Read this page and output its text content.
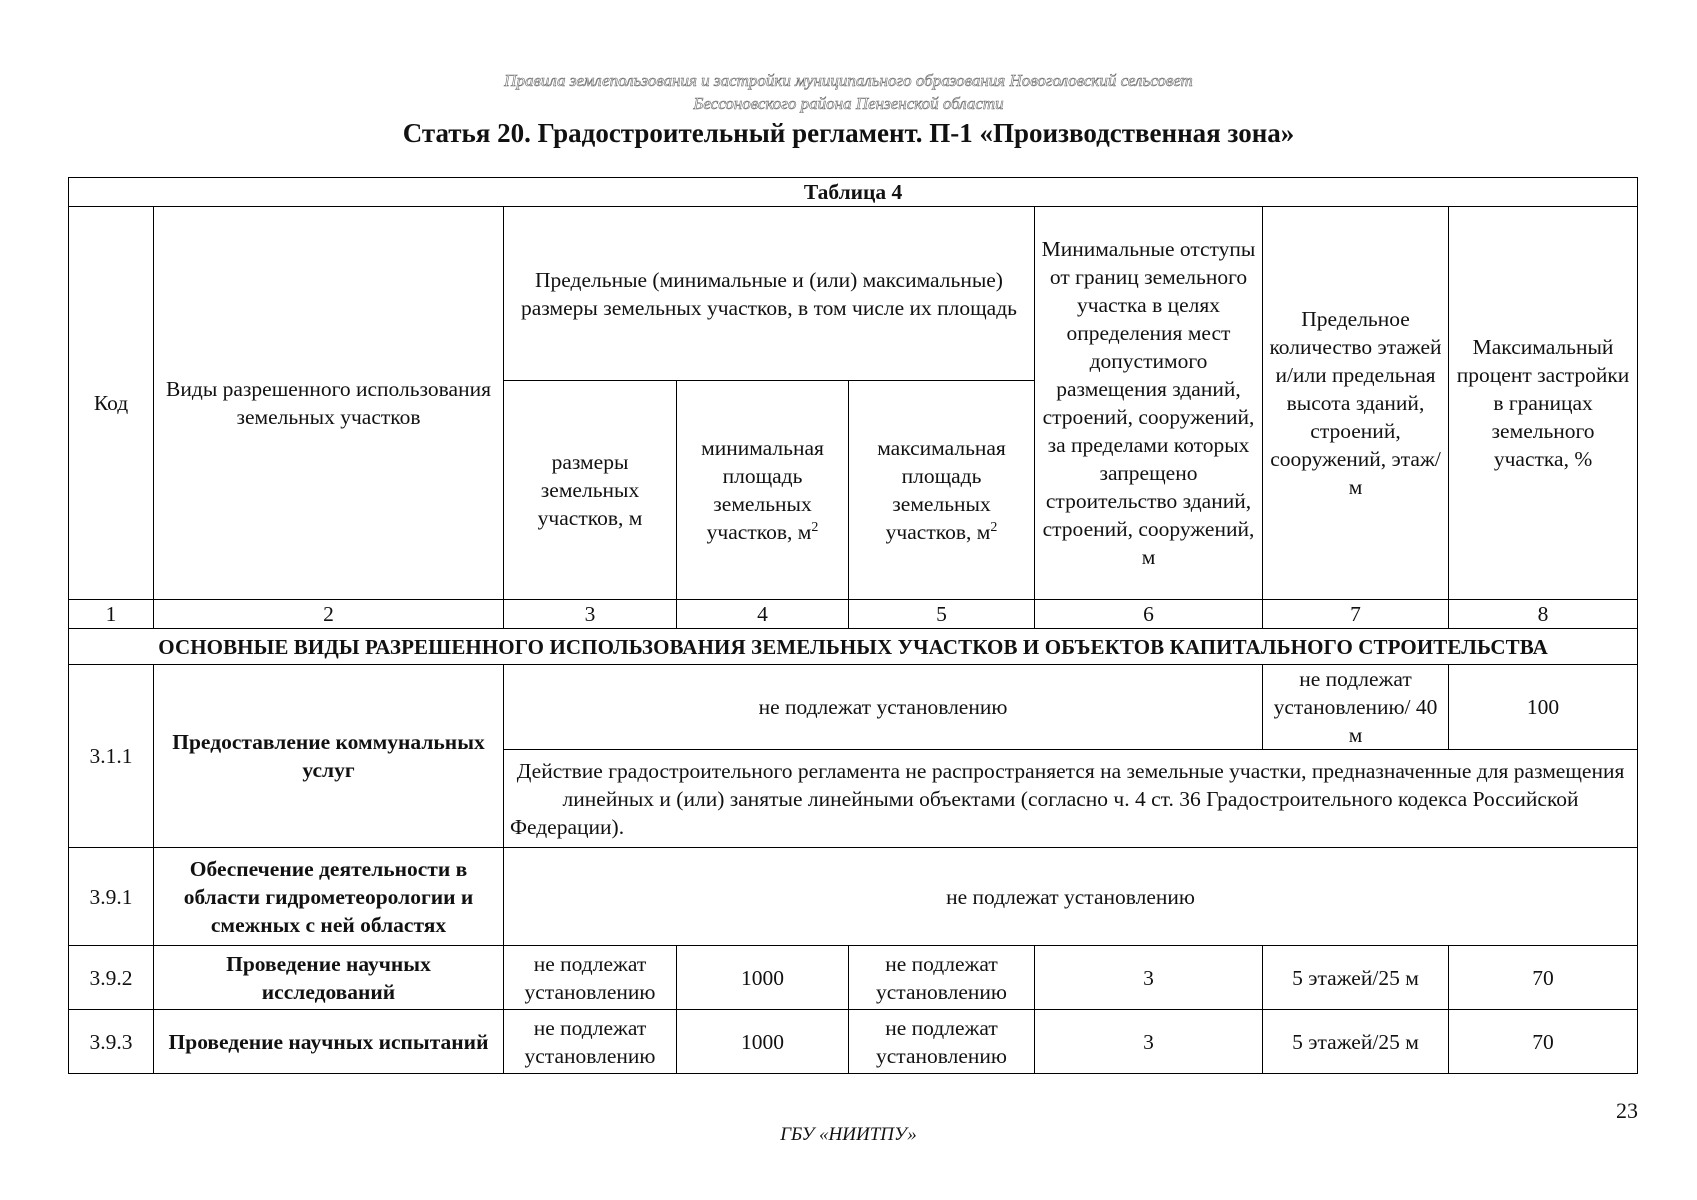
Правила землепользования и застройки муниципального образования Новоголовский сельсовет
Бессоновского района Пензенской области
Статья 20. Градостроительный регламент. П-1 «Производственная зона»
Таблица 4							
Код	Виды разрешенного использования земельных участков	Предельные (минимальные и (или) максимальные) размеры земельных участков, в том числе их площадь			Минимальные отступы от границ земельного участка в целях определения мест допустимого размещения зданий, строений, сооружений, за пределами которых запрещено строительство зданий, строений, сооружений, м	Предельное количество этажей и/или предельная высота зданий, строений, сооружений, этаж/м	Максимальный процент застройки в границах земельного участка, %
		размеры земельных участков, м	минимальная площадь земельных участков, $м^2$	максимальная площадь земельных участков, $м^2$
1	2	3	4	5	6	7	8
ОСНОВНЫЕ ВИДЫ РАЗРЕШЕННОГО ИСПОЛЬЗОВАНИЯ ЗЕМЕЛЬНЫХ УЧАСТКОВ И ОБЪЕКТОВ КАПИТАЛЬНОГО СТРОИТЕЛЬСТВА							
3.1.1	Предоставление коммунальных услуг	не подлежат установлению				не подлежат установлению/ 40 м	100
		Действие градостроительного регламента не распространяется на земельные участки, предназначенные для размещения линейных и (или) занятые линейными объектами (согласно ч. 4 ст. 36 Градостроительного кодекса Российской Федерации).					
3.9.1	Обеспечение деятельности в области гидрометеорологии и смежных с ней областях	не подлежат установлению					
3.9.2	Проведение научных исследований	не подлежат установлению	1000	не подлежат установлению	3	5 этажей/25 м	70
3.9.3	Проведение научных испытаний	не подлежат установлению	1000	не подлежат установлению	3	5 этажей/25 м	70
23
ГБУ «НИИТПУ»
